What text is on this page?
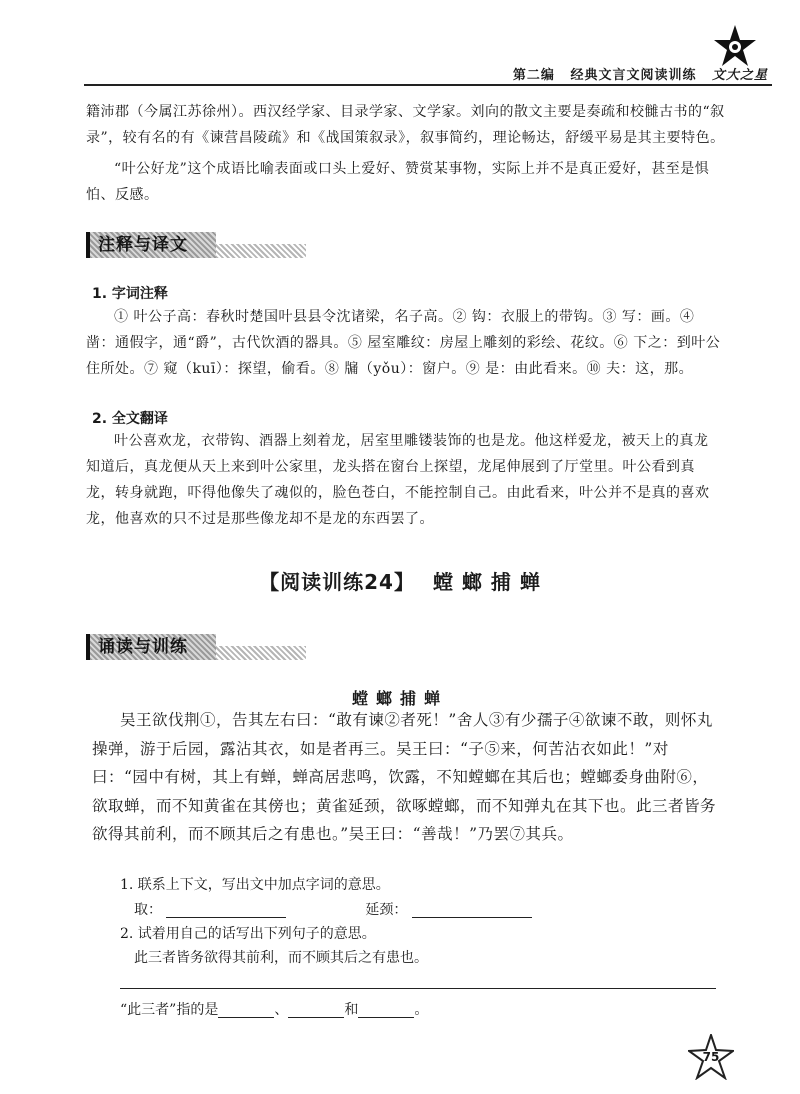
第二编 经典文言文阅读训练 文大之星
籍沛郡（今属江苏徐州）。西汉经学家、目录学家、文学家。刘向的散文主要是奏疏和校雠古书的“叙录”，较有名的有《谏营昌陵疏》和《战国策叙录》，叙事简约，理论畅达，舒缓平易是其主要特色。
“叶公好龙”这个成语比喻表面或口头上爱好、赞赏某事物，实际上并不是真正爱好，甚至是惧怕、反感。
注释与译文
1. 字词注释
① 叶公子高：春秋时楚国叶县县令沈诸梁，名子高。② 钩：衣服上的带钩。③ 写：画。④ 凿：通假字，通“爵”，古代饮酒的器具。⑤ 屋室雕纹：房屋上雕刻的彩绘、花纹。⑥ 下之：到叶公住所处。⑦ 窥（kuī）：探望，偷看。⑧ 牖（yǒu）：窗户。⑨ 是：由此看来。⑩ 夫：这，那。
2. 全文翻译
叶公喜欢龙，衣带钩、酒器上刻着龙，居室里雕镂装饰的也是龙。他这样爱龙，被天上的真龙知道后，真龙便从天上来到叶公家里，龙头搭在窗台上探望，龙尾伸展到了厅堂里。叶公看到真龙，转身就跑，吓得他像失了魂似的，脸色苍白，不能控制自己。由此看来，叶公并不是真的喜欢龙，他喜欢的只不过是那些像龙却不是龙的东西罢了。
【阅读训练24】 螳 螂 捕 蝉
诵读与训练
螳螂捕蝉
吴王欲伐荆①，告其左右曰：“敢有谏②者死！”舍人③有少孺子④欲谏不敢，则怀丸操弹，游于后园，露沾其衣，如是者再三。吴王曰：“子⑤来，何苦沾衣如此！”对曰：“园中有树，其上有蝉，蝉高居悲鸣，饮露，不知螳螂在其后也；螳螂委身曲附⑥，欲取蝉，而不知黄雀在其傍也；黄雀延颈，欲啄螳螂，而不知弹丸在其下也。此三者皆务欲得其前利，而不顾其后之有患也。”吴王曰：“善哉！”乃罢⑦其兵。
1. 联系上下文，写出文中加点字词的意思。
取：	延颈：
2. 试着用自己的话写出下列句子的意思。
此三者皆务欲得其前利，而不顾其后之有患也。
“此三者”指的是	、	和	。
75
